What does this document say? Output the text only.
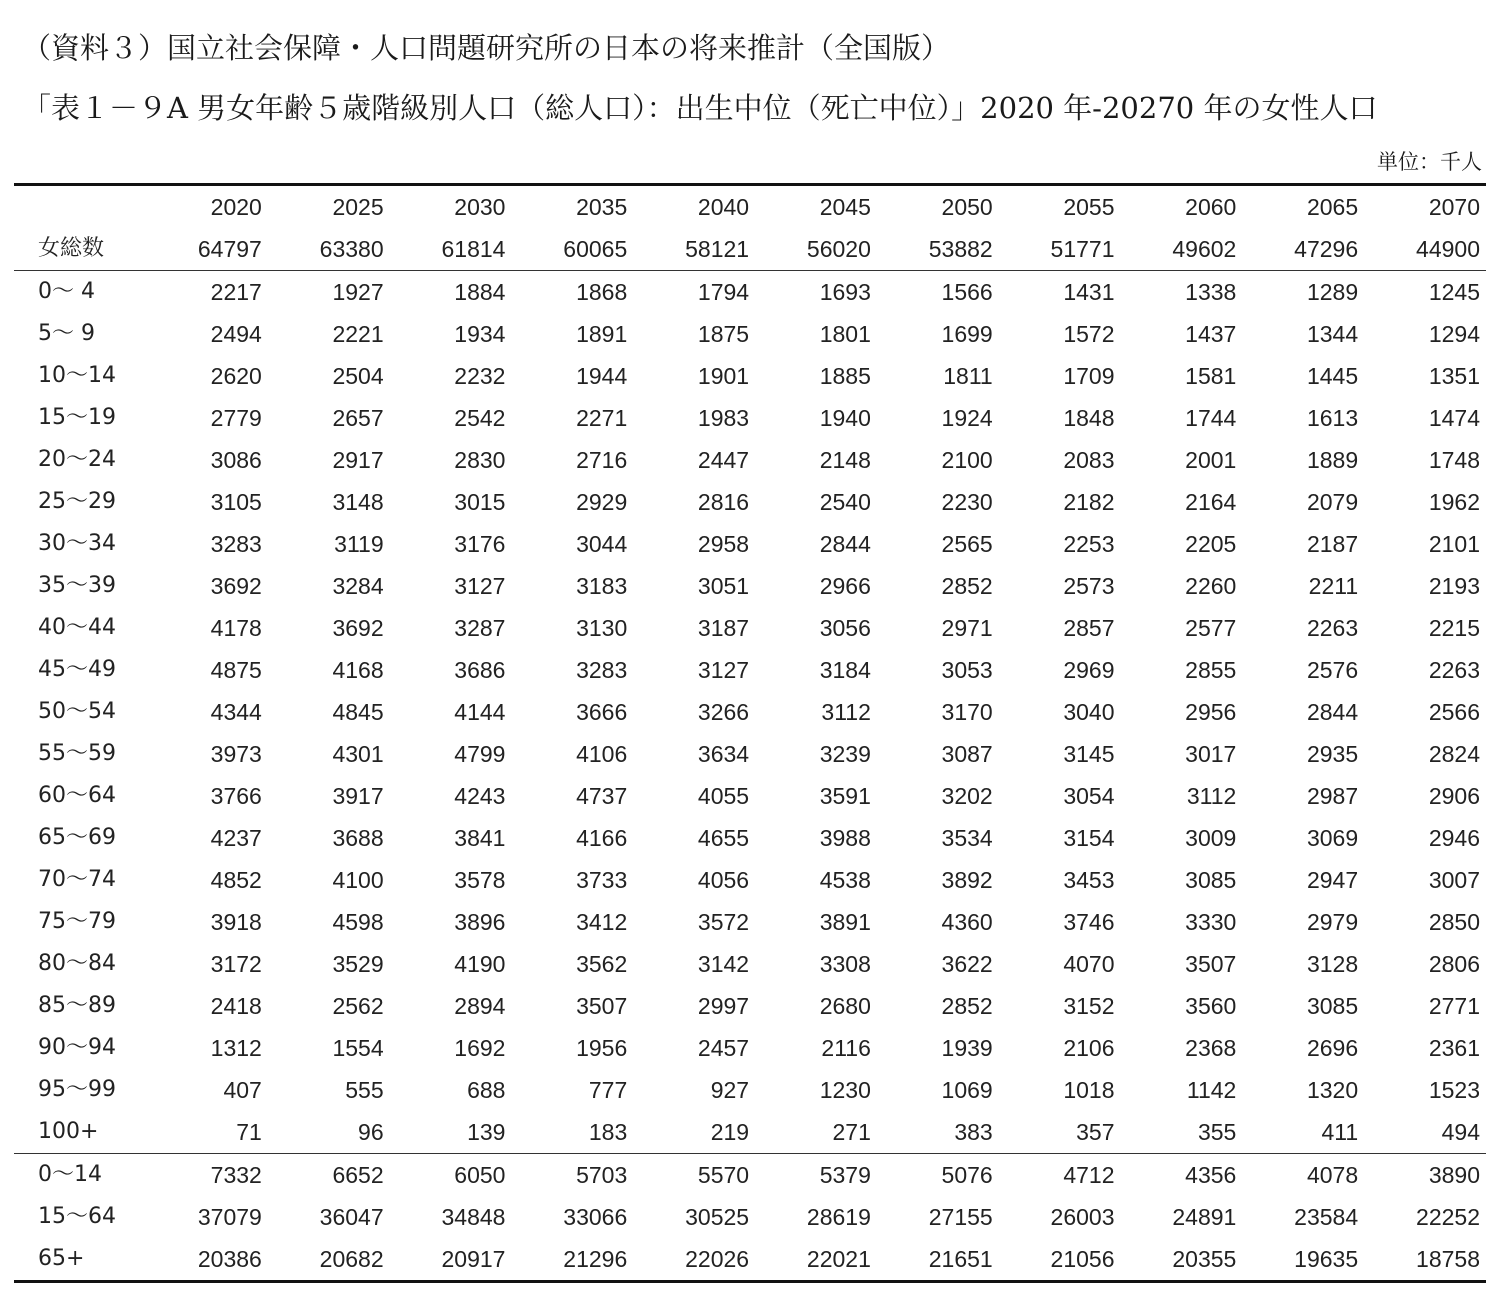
（資料３）国立社会保障・人口問題研究所の日本の将来推計（全国版）
「表１－９A 男女年齢５歳階級別人口（総人口）：出生中位（死亡中位）」2020 年-20270 年の女性人口
単位：千人
	2020	2025	2030	2035	2040	2045	2050	2055	2060	2065	2070
女総数	64797	63380	61814	60065	58121	56020	53882	51771	49602	47296	44900
0～ 4	2217	1927	1884	1868	1794	1693	1566	1431	1338	1289	1245
5～ 9	2494	2221	1934	1891	1875	1801	1699	1572	1437	1344	1294
10～14	2620	2504	2232	1944	1901	1885	1811	1709	1581	1445	1351
15～19	2779	2657	2542	2271	1983	1940	1924	1848	1744	1613	1474
20～24	3086	2917	2830	2716	2447	2148	2100	2083	2001	1889	1748
25～29	3105	3148	3015	2929	2816	2540	2230	2182	2164	2079	1962
30～34	3283	3119	3176	3044	2958	2844	2565	2253	2205	2187	2101
35～39	3692	3284	3127	3183	3051	2966	2852	2573	2260	2211	2193
40～44	4178	3692	3287	3130	3187	3056	2971	2857	2577	2263	2215
45～49	4875	4168	3686	3283	3127	3184	3053	2969	2855	2576	2263
50～54	4344	4845	4144	3666	3266	3112	3170	3040	2956	2844	2566
55～59	3973	4301	4799	4106	3634	3239	3087	3145	3017	2935	2824
60～64	3766	3917	4243	4737	4055	3591	3202	3054	3112	2987	2906
65～69	4237	3688	3841	4166	4655	3988	3534	3154	3009	3069	2946
70～74	4852	4100	3578	3733	4056	4538	3892	3453	3085	2947	3007
75～79	3918	4598	3896	3412	3572	3891	4360	3746	3330	2979	2850
80～84	3172	3529	4190	3562	3142	3308	3622	4070	3507	3128	2806
85～89	2418	2562	2894	3507	2997	2680	2852	3152	3560	3085	2771
90～94	1312	1554	1692	1956	2457	2116	1939	2106	2368	2696	2361
95～99	407	555	688	777	927	1230	1069	1018	1142	1320	1523
100+	71	96	139	183	219	271	383	357	355	411	494
0～14	7332	6652	6050	5703	5570	5379	5076	4712	4356	4078	3890
15～64	37079	36047	34848	33066	30525	28619	27155	26003	24891	23584	22252
65+	20386	20682	20917	21296	22026	22021	21651	21056	20355	19635	18758
